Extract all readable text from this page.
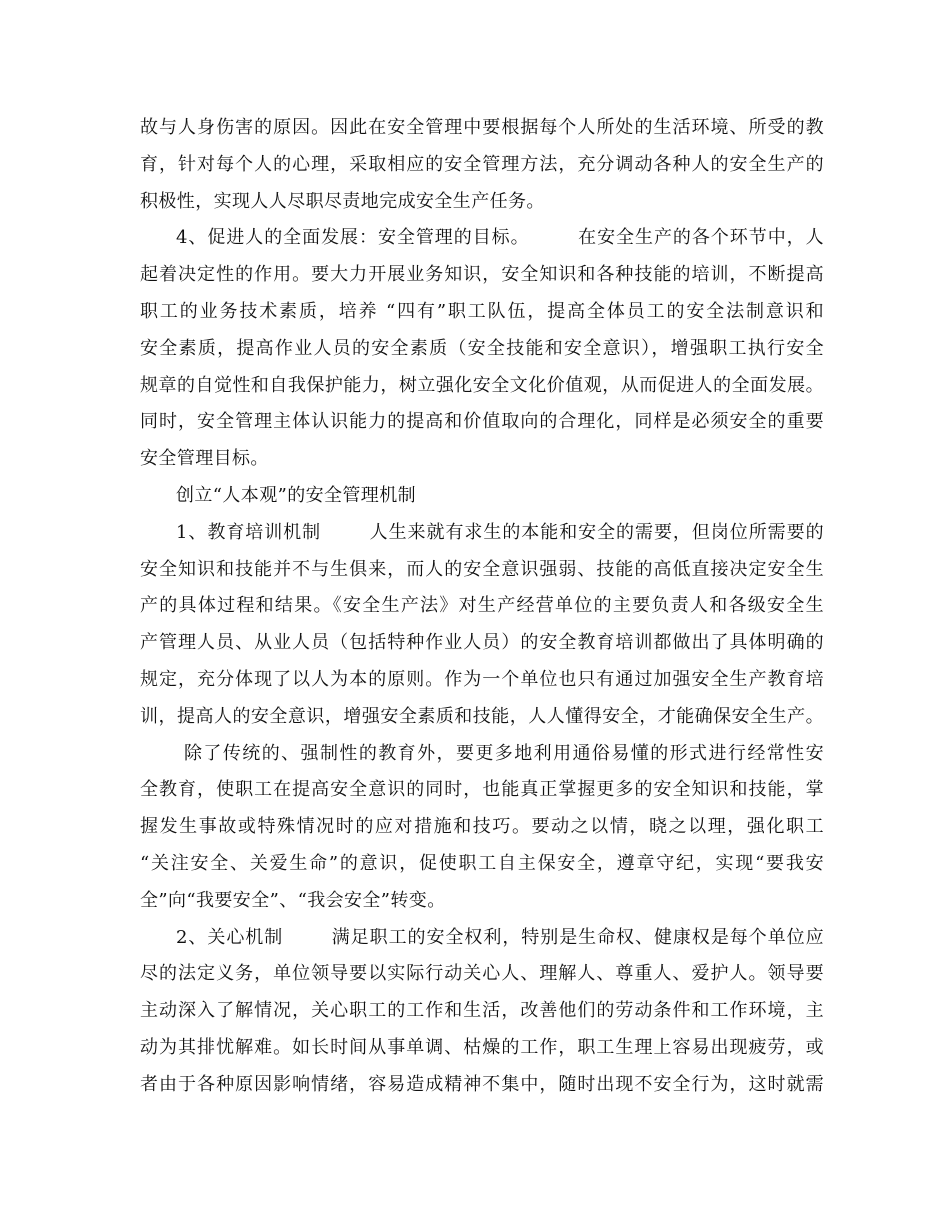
故与人身伤害的原因。因此在安全管理中要根据每个人所处的生活环境、所受的教
育，针对每个人的心理，采取相应的安全管理方法，充分调动各种人的安全生产的
积极性，实现人人尽职尽责地完成安全生产任务。
4、促进人的全面发展：安全管理的目标。	在安全生产的各个环节中，人
起着决定性的作用。要大力开展业务知识，安全知识和各种技能的培训，不断提高
职工的业务技术素质，培养 “四有”职工队伍，提高全体员工的安全法制意识和
安全素质，提高作业人员的安全素质（安全技能和安全意识），增强职工执行安全
规章的自觉性和自我保护能力，树立强化安全文化价值观，从而促进人的全面发展。
同时，安全管理主体认识能力的提高和价值取向的合理化，同样是必须安全的重要
安全管理目标。
创立“人本观”的安全管理机制
1、教育培训机制	人生来就有求生的本能和安全的需要，但岗位所需要的
安全知识和技能并不与生俱来，而人的安全意识强弱、技能的高低直接决定安全生
产的具体过程和结果。《安全生产法》对生产经营单位的主要负责人和各级安全生
产管理人员、从业人员（包括特种作业人员）的安全教育培训都做出了具体明确的
规定，充分体现了以人为本的原则。作为一个单位也只有通过加强安全生产教育培
训，提高人的安全意识，增强安全素质和技能，人人懂得安全，才能确保安全生产。
除了传统的、强制性的教育外，要更多地利用通俗易懂的形式进行经常性安
全教育，使职工在提高安全意识的同时，也能真正掌握更多的安全知识和技能，掌
握发生事故或特殊情况时的应对措施和技巧。要动之以情，晓之以理，强化职工
“关注安全、关爱生命”的意识，促使职工自主保安全，遵章守纪，实现“要我安
全”向“我要安全”、“我会安全”转变。
2、关心机制	满足职工的安全权利，特别是生命权、健康权是每个单位应
尽的法定义务，单位领导要以实际行动关心人、理解人、尊重人、爱护人。领导要
主动深入了解情况，关心职工的工作和生活，改善他们的劳动条件和工作环境，主
动为其排忧解难。如长时间从事单调、枯燥的工作，职工生理上容易出现疲劳，或
者由于各种原因影响情绪，容易造成精神不集中，随时出现不安全行为，这时就需
